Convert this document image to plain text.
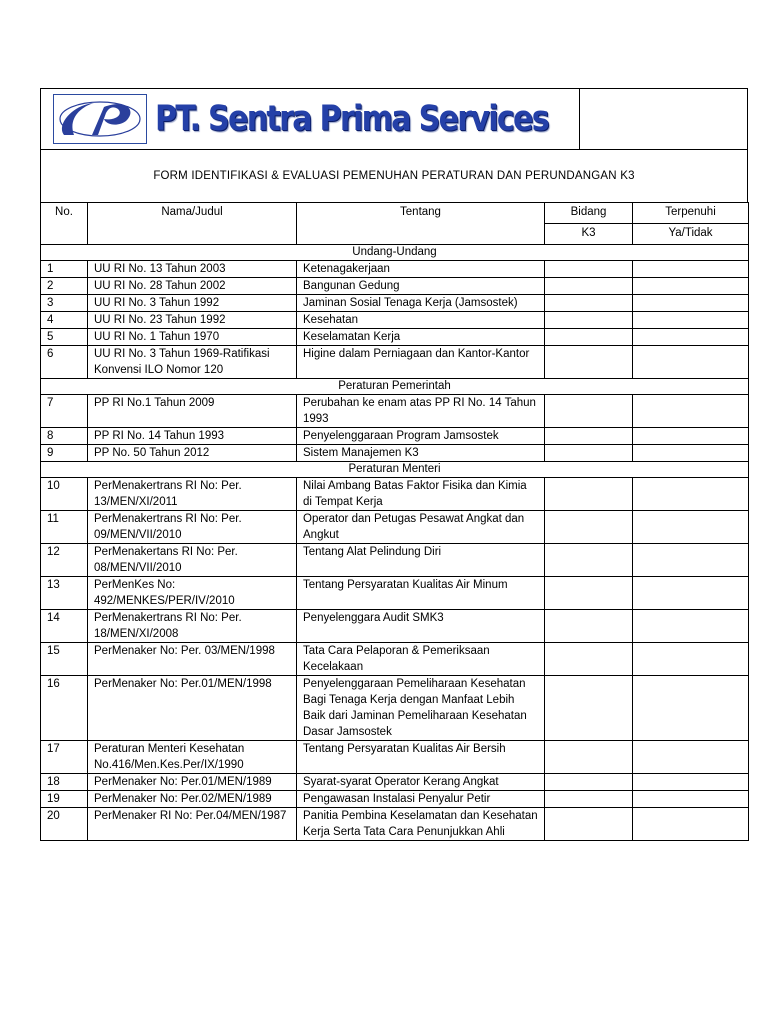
PT. Sentra Prima Services
FORM IDENTIFIKASI & EVALUASI PEMENUHAN PERATURAN DAN PERUNDANGAN K3
No.	Nama/Judul	Tentang	Bidang	Terpenuhi
			K3	Ya/Tidak
Undang-Undang				
1	UU RI No. 13 Tahun 2003	Ketenagakerjaan		
2	UU RI No. 28 Tahun 2002	Bangunan Gedung		
3	UU RI No. 3 Tahun 1992	Jaminan Sosial Tenaga Kerja (Jamsostek)		
4	UU RI No. 23 Tahun 1992	Kesehatan		
5	UU RI No. 1 Tahun 1970	Keselamatan Kerja		
6	UU RI No. 3 Tahun 1969-Ratifikasi Konvensi ILO Nomor 120	Higine dalam Perniagaan dan Kantor-Kantor		
Peraturan Pemerintah				
7	PP RI No.1 Tahun 2009	Perubahan ke enam atas PP RI No. 14 Tahun 1993		
8	PP RI No. 14 Tahun 1993	Penyelenggaraan Program Jamsostek		
9	PP No. 50 Tahun 2012	Sistem Manajemen K3		
Peraturan Menteri				
10	PerMenakertrans RI No: Per. 13/MEN/XI/2011	Nilai Ambang Batas Faktor Fisika dan Kimia di Tempat Kerja		
11	PerMenakertrans RI No: Per. 09/MEN/VII/2010	Operator dan Petugas Pesawat Angkat dan Angkut		
12	PerMenakertans RI No: Per. 08/MEN/VII/2010	Tentang Alat Pelindung Diri		
13	PerMenKes No: 492/MENKES/PER/IV/2010	Tentang Persyaratan Kualitas Air Minum		
14	PerMenakertrans RI No: Per. 18/MEN/XI/2008	Penyelenggara Audit SMK3		
15	PerMenaker No: Per. 03/MEN/1998	Tata Cara Pelaporan & Pemeriksaan Kecelakaan		
16	PerMenaker No: Per.01/MEN/1998	Penyelenggaraan Pemeliharaan Kesehatan Bagi Tenaga Kerja dengan Manfaat Lebih Baik dari Jaminan Pemeliharaan Kesehatan Dasar Jamsostek		
17	Peraturan Menteri Kesehatan No.416/Men.Kes.Per/IX/1990	Tentang Persyaratan Kualitas Air Bersih		
18	PerMenaker No: Per.01/MEN/1989	Syarat-syarat Operator Kerang Angkat		
19	PerMenaker No: Per.02/MEN/1989	Pengawasan Instalasi Penyalur Petir		
20	PerMenaker RI No: Per.04/MEN/1987	Panitia Pembina Keselamatan dan Kesehatan Kerja Serta Tata Cara Penunjukkan Ahli		
